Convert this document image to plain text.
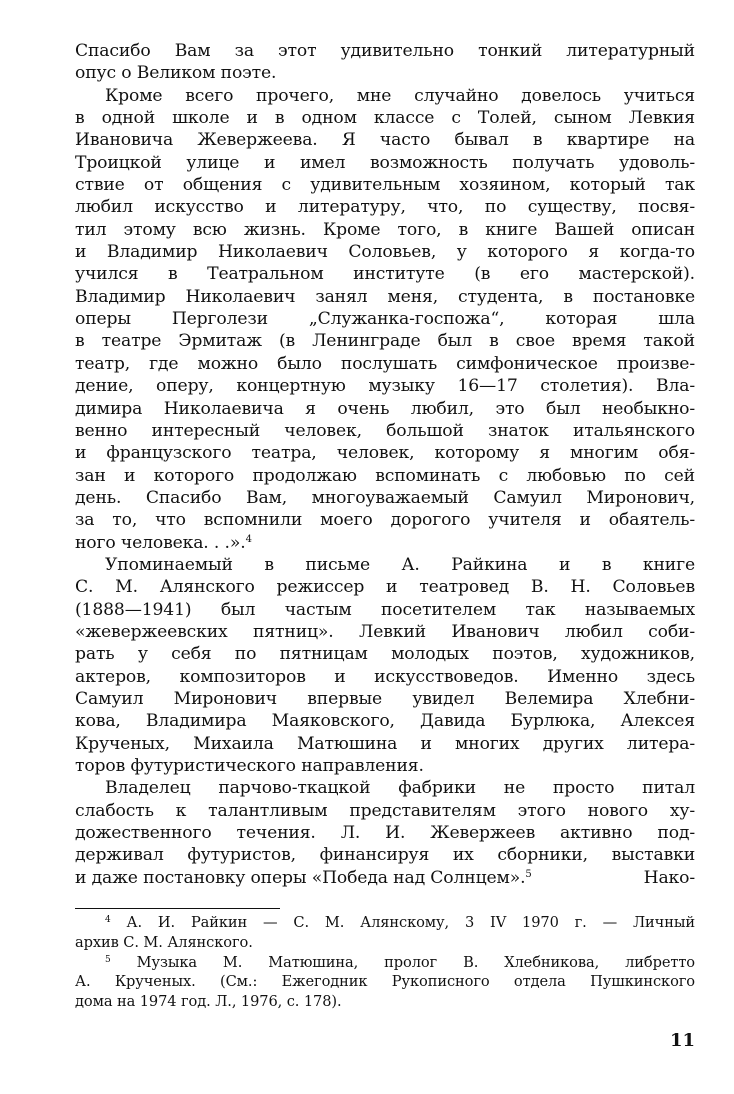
Спасибо Вам за этот удивительно тонкий литературный
опус о Великом поэте.
Кроме всего прочего, мне случайно довелось учиться
в одной школе и в одном классе с Толей, сыном Левкия
Ивановича Жевержеева. Я часто бывал в квартире на
Троицкой улице и имел возможность получать удоволь-
ствие от общения с удивительным хозяином, который так
любил искусство и литературу, что, по существу, посвя-
тил этому всю жизнь. Кроме того, в книге Вашей описан
и Владимир Николаевич Соловьев, у которого я когда-то
учился в Театральном институте (в его мастерской).
Владимир Николаевич занял меня, студента, в постановке
оперы Перголези „Служанка-госпожа“, которая шла
в театре Эрмитаж (в Ленинграде был в свое время такой
театр, где можно было послушать симфоническое произве-
дение, оперу, концертную музыку 16—17 столетия). Вла-
димира Николаевича я очень любил, это был необыкно-
венно интересный человек, большой знаток итальянского
и французского театра, человек, которому я многим обя-
зан и которого продолжаю вспоминать с любовью по сей
день. Спасибо Вам, многоуважаемый Самуил Миронович,
за то, что вспомнили моего дорогого учителя и обаятель-
ного человека. . .».$^4$
Упоминаемый в письме А. Райкина и в книге
С. М. Алянского режиссер и театровед В. Н. Соловьев
(1888—1941) был частым посетителем так называемых
«жевержеевских пятниц». Левкий Иванович любил соби-
рать у себя по пятницам молодых поэтов, художников,
актеров, композиторов и искусствоведов. Именно здесь
Самуил Миронович впервые увидел Велемира Хлебни-
кова, Владимира Маяковского, Давида Бурлюка, Алексея
Крученых, Михаила Матюшина и многих других литера-
торов футуристического направления.
Владелец парчово-ткацкой фабрики не просто питал
слабость к талантливым представителям этого нового ху-
дожественного течения. Л. И. Жевержеев активно под-
держивал футуристов, финансируя их сборники, выставки
и даже постановку оперы «Победа над Солнцем».$^5$	Нако-
$^4$ А. И. Райкин — С. М. Алянскому, 3 IV 1970 г. — Личный
архив С. М. Алянского.
$^5$ Музыка М. Матюшина, пролог В. Хлебникова, либретто
А. Крученых. (См.: Ежегодник Рукописного отдела Пушкинского
дома на 1974 год. Л., 1976, с. 178).
11
